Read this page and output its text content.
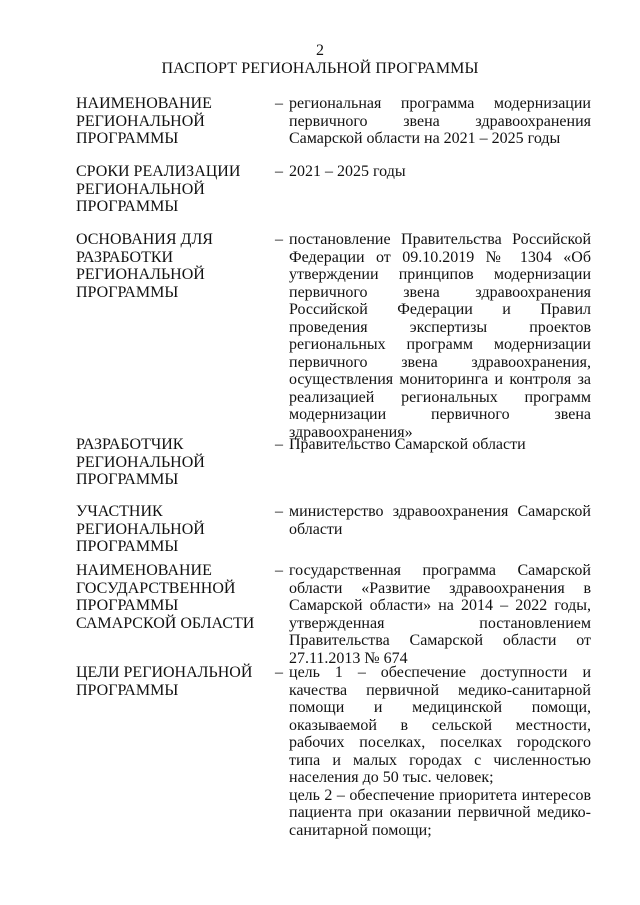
2
ПАСПОРТ РЕГИОНАЛЬНОЙ ПРОГРАММЫ
НАИМЕНОВАНИЕ РЕГИОНАЛЬНОЙ ПРОГРАММЫ
– региональная программа модернизации первичного звена здравоохранения Самарской области на 2021 – 2025 годы

СРОКИ РЕАЛИЗАЦИИ РЕГИОНАЛЬНОЙ ПРОГРАММЫ
– 2021 – 2025 годы

ОСНОВАНИЯ ДЛЯ РАЗРАБОТКИ РЕГИОНАЛЬНОЙ ПРОГРАММЫ
– постановление Правительства Российской Федерации от 09.10.2019 № 1304 «Об утверждении принципов модернизации первичного звена здравоохранения Российской Федерации и Правил проведения экспертизы проектов региональных программ модернизации первичного звена здравоохранения, осуществления мониторинга и контроля за реализацией региональных программ модернизации первичного звена здравоохранения»

РАЗРАБОТЧИК РЕГИОНАЛЬНОЙ ПРОГРАММЫ
– Правительство Самарской области

УЧАСТНИК РЕГИОНАЛЬНОЙ ПРОГРАММЫ
– министерство здравоохранения Самарской области

НАИМЕНОВАНИЕ ГОСУДАРСТВЕННОЙ ПРОГРАММЫ САМАРСКОЙ ОБЛАСТИ
– государственная программа Самарской области «Развитие здравоохранения в Самарской области» на 2014 – 2022 годы, утвержденная постановлением Правительства Самарской области от 27.11.2013 № 674

ЦЕЛИ РЕГИОНАЛЬНОЙ ПРОГРАММЫ
– цель 1 – обеспечение доступности и качества первичной медико-санитарной помощи и медицинской помощи, оказываемой в сельской местности, рабочих поселках, поселках городского типа и малых городах с численностью населения до 50 тыс. человек;

цель 2 – обеспечение приоритета интересов пациента при оказании первичной медико-санитарной помощи;
